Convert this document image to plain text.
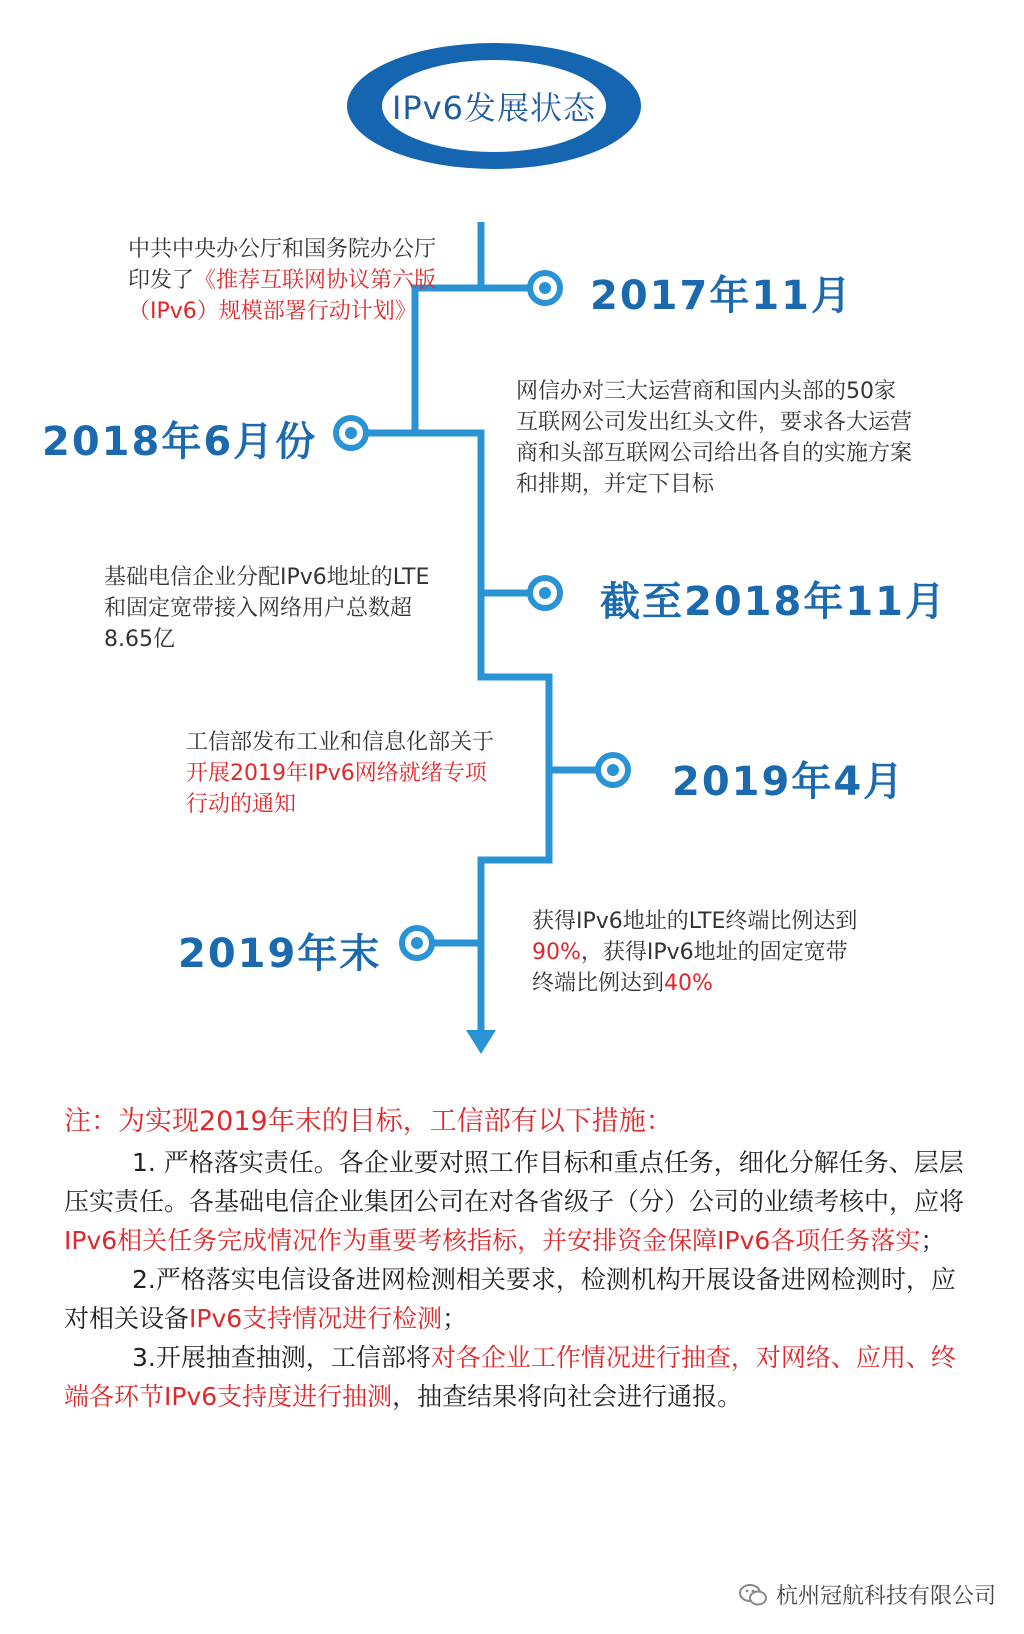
IPv6发展状态
2017年11月
中共中央办公厅和国务院办公厅印发了《推荐互联网协议第六版（IPv6）规模部署行动计划》
2018年6月份
网信办对三大运营商和国内头部的50家互联网公司发出红头文件，要求各大运营商和头部互联网公司给出各自的实施方案和排期，并定下目标
截至2018年11月
基础电信企业分配IPv6地址的LTE和固定宽带接入网络用户总数超8.65亿
2019年4月
工信部发布工业和信息化部关于开展2019年IPv6网络就绪专项行动的通知
2019年末
获得IPv6地址的LTE终端比例达到90%，获得IPv6地址的固定宽带终端比例达到40%
注：为实现2019年末的目标，工信部有以下措施：

1. 严格落实责任。各企业要对照工作目标和重点任务，细化分解任务、层层压实责任。各基础电信企业集团公司在对各省级子（分）公司的业绩考核中，应将IPv6相关任务完成情况作为重要考核指标，并安排资金保障IPv6各项任务落实；

2.严格落实电信设备进网检测相关要求，检测机构开展设备进网检测时，应对相关设备IPv6支持情况进行检测；

3.开展抽查抽测，工信部将对各企业工作情况进行抽查，对网络、应用、终端各环节IPv6支持度进行抽测，抽查结果将向社会进行通报。

杭州冠航科技有限公司
